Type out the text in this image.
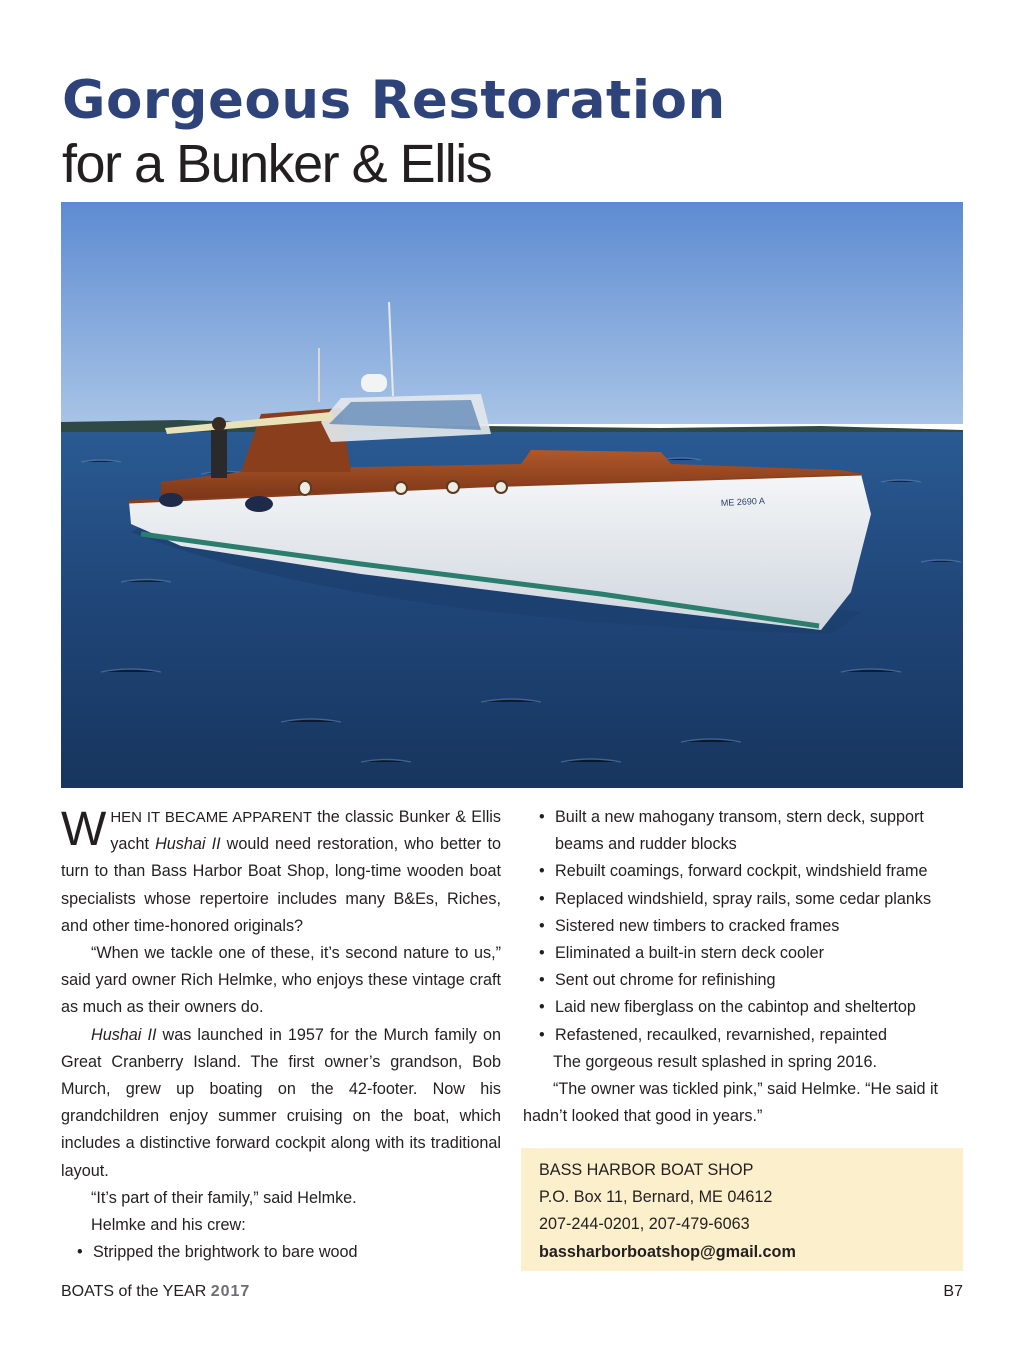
Gorgeous Restoration
for a Bunker & Ellis
ME 2690 A

WHEN IT BECAME APPARENT the classic Bunker & Ellis yacht Hushai II would need restoration, who better to turn to than Bass Harbor Boat Shop, long-time wooden boat specialists whose repertoire includes many B&Es, Riches, and other time-honored originals?

“When we tackle one of these, it’s second nature to us,” said yard owner Rich Helmke, who enjoys these vintage craft as much as their owners do.

Hushai II was launched in 1957 for the Murch family on Great Cranberry Island. The first owner’s grandson, Bob Murch, grew up boating on the 42-footer. Now his grandchildren enjoy summer cruising on the boat, which includes a distinctive forward cockpit along with its traditional layout.

“It’s part of their family,” said Helmke.

Helmke and his crew:

• Stripped the brightwork to bare wood
• Built a new mahogany transom, stern deck, support beams and rudder blocks
• Rebuilt coamings, forward cockpit, windshield frame
• Replaced windshield, spray rails, some cedar planks
• Sistered new timbers to cracked frames
• Eliminated a built-in stern deck cooler
• Sent out chrome for refinishing
• Laid new fiberglass on the cabintop and sheltertop
• Refastened, recaulked, revarnished, repainted

The gorgeous result splashed in spring 2016.

“The owner was tickled pink,” said Helmke. “He said it hadn’t looked that good in years.”

BASS HARBOR BOAT SHOP
P.O. Box 11, Bernard, ME 04612
207-244-0201, 207-479-6063
bassharborboatshop@gmail.com
BOATS of the YEAR 2017	B7
